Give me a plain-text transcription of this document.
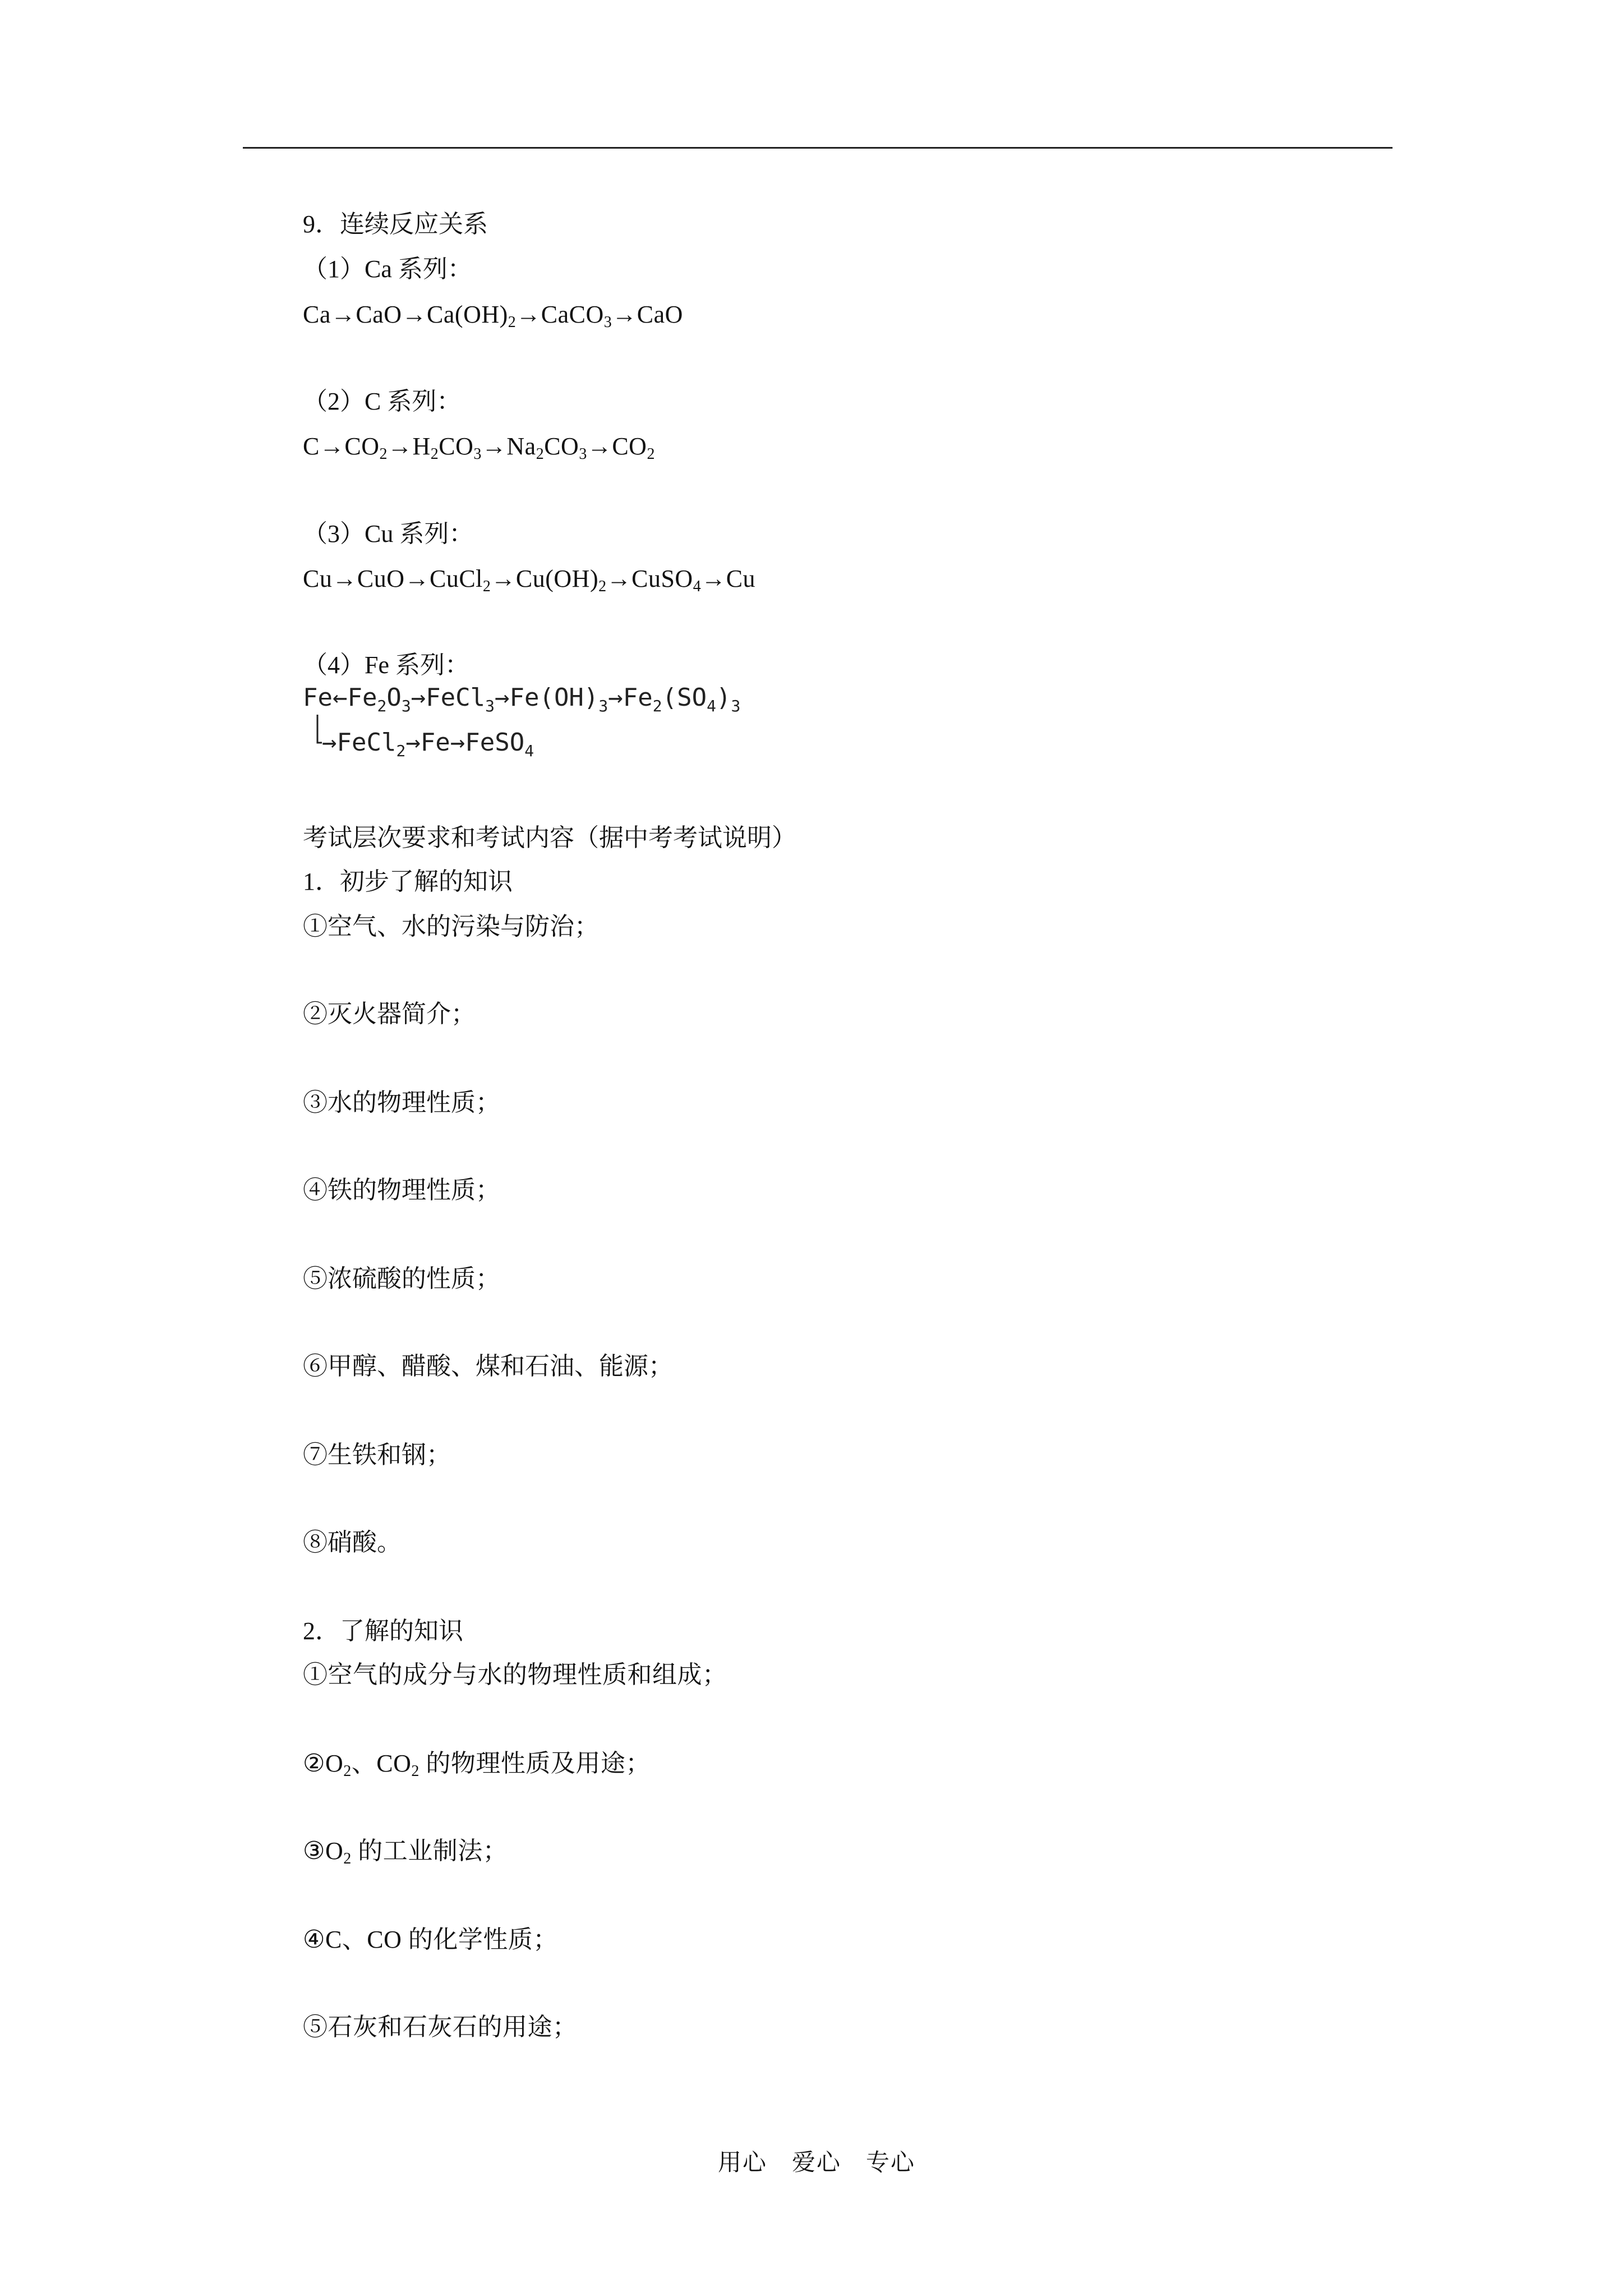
9．连续反应关系
（1）Ca 系列：
$Ca\to CaO\to Ca(OH)_2\to CaCO_3\to CaO$
（2）C 系列：
$C\to CO_2\to H_2CO_3\to Na_2CO_3\to CO_2$
（3）Cu 系列：
$Cu\to CuO\to CuCl_2\to Cu(OH)_2\to CuSO_4\to Cu$
（4）Fe 系列：
$Fe\leftarrow Fe_2O_3\to FeCl_3\to Fe(OH)_3\to Fe_2(SO_4)_3$
→FeCl$_2$→Fe→FeSO$_4$
考试层次要求和考试内容（据中考考试说明）
1．初步了解的知识
①空气、水的污染与防治；
②灭火器简介；
③水的物理性质；
④铁的物理性质；
⑤浓硫酸的性质；
⑥甲醇、醋酸、煤和石油、能源；
⑦生铁和钢；
⑧硝酸。
2．了解的知识
①空气的成分与水的物理性质和组成；
$②O_2$、$CO_2$ 的物理性质及用途；
$③O_2$ 的工业制法；
④C、CO 的化学性质；
⑤石灰和石灰石的用途；
用心　爱心　专心
